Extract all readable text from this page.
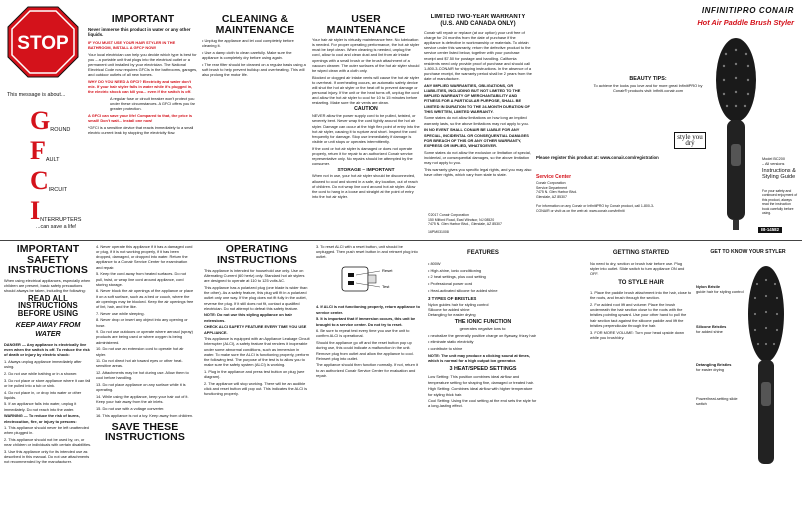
STOP
This message is about...
G ROUND
F AULT
C IRCUIT
I NTERRUPTERS
...can save a life!
IMPORTANT

Never immerse this product in water or any other liquids.

IF YOU MUST USE YOUR HAIR STYLER IN THE BATHROOM, INSTALL A GFCI* NOW!

Your local electrician can help you decide which type is best for you – a portable unit that plugs into the electrical outlet or a permanent unit installed by your electrician. The National Electrical Code now requires GFCIs in the bathrooms, garages, and outdoor outlets of all new homes.

WHY DO YOU NEED A GFCI? Electricity and water don't mix. If your hair styler falls in water while it's plugged in, the electric shock can kill you... even if the switch is off.

A regular fuse or circuit breaker won't protect you under these circumstances. A GFCI offers you far greater protection.

A GFCI can save your life! Compared to that, the price is small! Don't wait... install one now!

*GFCI is a sensitive device that reacts immediately to a small electric current leak by stopping the electricity flow.

CLEANING & MAINTENANCE

• Unplug the appliance and let cool completely before cleaning it.

• Use a damp cloth to clean carefully. Make sure the appliance is completely dry before using again.

• The rear filter should be cleaned on a regular basis using a soft brush to help prevent buildup and overheating. This will also prolong the motor life.

USER MAINTENANCE

Your hair air styler is virtually maintenance free. No lubrication is needed. For proper operating performance, the hot air styler must be kept clean. When cleaning is needed, unplug the cord, allow to cool and clean dust and lint from air intake openings with a small brush or the brush attachment of a vacuum cleaner. The outer surfaces of the hot air styler should be wiped clean with a cloth only.

Blocked or clogged air intake vents will cause the hot air styler to overheat. If overheating occurs, an automatic safety device will shut the hot air styler or the heat off to prevent damage or personal injury. If the unit or the heat turns off, unplug the cord and allow the hot air styler to cool for 10 to 15 minutes before restarting. Make sure the air vents are clean.

CAUTION

NEVER allow the power supply cord to be pulled, twisted, or severely bent. Never wrap the cord tightly around the hot air styler. Damage can occur at the high flex point of entry into the hot air styler, causing it to rupture and short. Inspect the cord frequently for damage. Stop use immediately if damage is visible or unit stops or operates intermittently.

If the cord or hot air styler is damaged or does not operate properly, return it for repair to an authorized Conair service representative only. No repairs should be attempted by the consumer.

STORAGE – IMPORTANT

When not in use, your hot air styler should be disconnected, allowed to cool and stored in a safe, dry location, out of reach of children. Do not wrap line cord around hot air styler. Allow the cord to hang in a loose and straight at the point of entry into the hot air styler.

LIMITED TWO-YEAR WARRANTY (U.S. AND CANADA ONLY)

Conair will repair or replace (at our option) your unit free of charge for 24 months from the date of purchase if the appliance is defective in workmanship or materials. To obtain service under this warranty, return the defective product to the service center listed below, together with your purchase receipt and $7.50 for postage and handling. California residents need only provide proof of purchase and should call 1-800-3-CONAIR for shipping instructions. In the absence of a purchase receipt, the warranty period shall be 2 years from the date of manufacture.

ANY IMPLIED WARRANTIES, OBLIGATIONS, OR LIABILITIES, INCLUDING BUT NOT LIMITED TO THE IMPLIED WARRANTY OF MERCHANTABILITY AND FITNESS FOR A PARTICULAR PURPOSE, SHALL BE LIMITED IN DURATION TO THE 24-MONTH DURATION OF THIS WRITTEN, LIMITED WARRANTY.

Some states do not allow limitations on how long an implied warranty lasts, so the above limitations may not apply to you.

IN NO EVENT SHALL CONAIR BE LIABLE FOR ANY SPECIAL, INCIDENTAL OR CONSEQUENTIAL DAMAGES FOR BREACH OF THIS OR ANY OTHER WARRANTY, EXPRESS OR IMPLIED, WHATSOEVER.

Some states do not allow the exclusion or limitation of special, incidental, or consequential damages, so the above limitation may not apply to you.

This warranty gives you specific legal rights, and you may also have other rights, which vary from state to state.

©2017 Conair Corporation
150 Milford Road, East Windsor, NJ 08520
7475 N. Glen Harbor Blvd., Glendale, AZ 85307
16PM031008
INFINITIPRO CONAIR
Hot Air Paddle Brush Styler
BEAUTY TIPS:
To achieve the looks you love and for more great InfinitiPRO by Conair® products visit: infiniti.conair.com
style you dry
Please register this product at: www.conair.com/registration
Service Center
Conair Corporation
Service Department
7475 N. Glen Harbor Blvd.
Glendale, AZ 85307
For information on any Conair or InfinitiPRO by Conair product, call 1-800-3-CONAIR or visit us on the web at: www.conair.com/infiniti
Model BC200
– All versions
Instructions & Styling Guide
For your safety and continued enjoyment of this product, always read the instruction book carefully before using.
IB-14582
IMPORTANT SAFETY INSTRUCTIONS

When using electrical appliances, especially when children are present, basic safety precautions should always be taken, including the following:

READ ALL INSTRUCTIONS BEFORE USING
KEEP AWAY FROM WATER

DANGER — Any appliance is electrically live even when the switch is off. To reduce the risk of death or injury by electric shock:

1. Always unplug appliance immediately after using.

2. Do not use while bathing or in a shower.

3. Do not place or store appliance where it can fall or be pulled into a tub or sink.

4. Do not place in, or drop into water or other liquids.

5. If an appliance falls into water, unplug it immediately. Do not reach into the water.

WARNING — To reduce the risk of burns, electrocution, fire, or injury to persons:

1. This appliance should never be left unattended when plugged in.

2. This appliance should not be used by, on, or near children or individuals with certain disabilities.

3. Use this appliance only for its intended use as described in this manual. Do not use attachments not recommended by the manufacturer.

4. Never operate this appliance if it has a damaged cord or plug, if it is not working properly, if it has been dropped, damaged, or dropped into water. Return the appliance to a Conair Service Center for examination and repair.

5. Keep the cord away from heated surfaces. Do not pull, twist, or wrap line cord around appliance, cord storing storage.

6. Never block the air openings of the appliance or place it on a soft surface, such as a bed or couch, where the air openings may be blocked. Keep the air openings free of lint, hair, and the like.

7. Never use while sleeping.

8. Never drop or insert any object into any opening or hose.

9. Do not use outdoors or operate where aerosol (spray) products are being used or where oxygen is being administered.

10. Do not use an extension cord to operate hot air styler.

11. Do not direct hot air toward eyes or other heat-sensitive areas.

12. Attachments may be hot during use. Allow them to cool before handling.

13. Do not place appliance on any surface while it is operating.

14. While using the appliance, keep your hair out of it. Keep your hair away from the air inlets.

15. Do not use with a voltage converter.

16. This appliance is not a toy. Keep away from children.

SAVE THESE INSTRUCTIONS
OPERATING INSTRUCTIONS

This appliance is intended for household use only. Use on Alternating Current (60 hertz) only. Standard hot air stylers are designed to operate at 110 to 125 volts AC.

This appliance has a polarized plug (one blade is wider than the other). As a safety feature, this plug will fit in a polarized outlet only one way. If the plug does not fit fully in the outlet, reverse the plug. If it still does not fit, contact a qualified electrician. Do not attempt to defeat this safety feature.

NOTE: Do not use this styling appliance on hair extensions.

CHECK ALCI SAFETY FEATURE EVERY TIME YOU USE APPLIANCE.

This appliance is equipped with an Appliance Leakage Circuit Interrupter (ALCI), a safety feature that renders it inoperable under some abnormal conditions, such as immersion in water. To make sure the ALCI is functioning properly, perform the following test. The purpose of the test is to allow you to make sure the safety system (ALCI) is working.

1. Plug in the appliance and press test button on plug (see diagram).

2. The appliance will stop working. There will be an audible click and reset button will pop out. This indicates the ALCI is functioning properly.

3. To reset ALCI with a reset button, unit should be unplugged. Then push reset button in and reinsert plug into outlet.

Reset
Test

4. If ALCI is not functioning properly, return appliance to service center.

5. It is important that if immersion occurs, this unit be brought to a service center. Do not try to reset.

6. Be sure to repeat test every time you use the unit to confirm ALCI is operational.

Should the appliance go off and the reset button pop up during use, this could indicate a malfunction in the unit. Remove plug from outlet and allow the appliance to cool. Reinsert plug into outlet.

The appliance should then function normally. If not, return it to an authorized Conair Service Center for evaluation and repair.

FEATURES

• 800W

• High-shine, ionic conditioning

• 2 heat settings, plus cool setting

• Professional power cord

• Heat-activated silicone for added shine

3 TYPES OF BRISTLES
Nylon guides hair for styling control
Silicone for added shine
Detangling for easier drying
THE IONIC FUNCTION
generates negative ions to:

• neutralize the generally positive charge on flyaway, frizzy hair

• eliminate static electricity

• contribute to shine

NOTE: The unit may produce a clicking sound at times, which is normal for a high output ion generator.

3 HEAT/SPEED SETTINGS

Low Setting: This position combines ideal airflow and temperature setting for shaping fine, damaged or treated hair.

High Setting: Combines ideal airflow with higher temperature for styling thick hair.

Cool Setting: Using the cool setting at the end sets the style for a long-lasting effect.

GETTING STARTED

No need to dry, section or brush hair before use. Plug styler into outlet. Slide switch to turn appliance ON and OFF.

TO STYLE HAIR

1. Place the paddle brush attachment into the hair, close to the roots, and brush through the section.

2. For added root lift and volume: Place the brush underneath the hair section close to the roots with the bristles pointing upward. Use your other hand to pull the hair section taut against the silicone paddle and lift the bristles perpendicular through the hair.

3. FOR MORE VOLUME: Turn your head upside down while you brush/dry.

GET TO KNOW YOUR STYLER
Nylon Bristle
guide hair for styling control
Silicone Bristles
for added shine
Detangling Bristles
for easier drying
Power/heat-setting slide switch
